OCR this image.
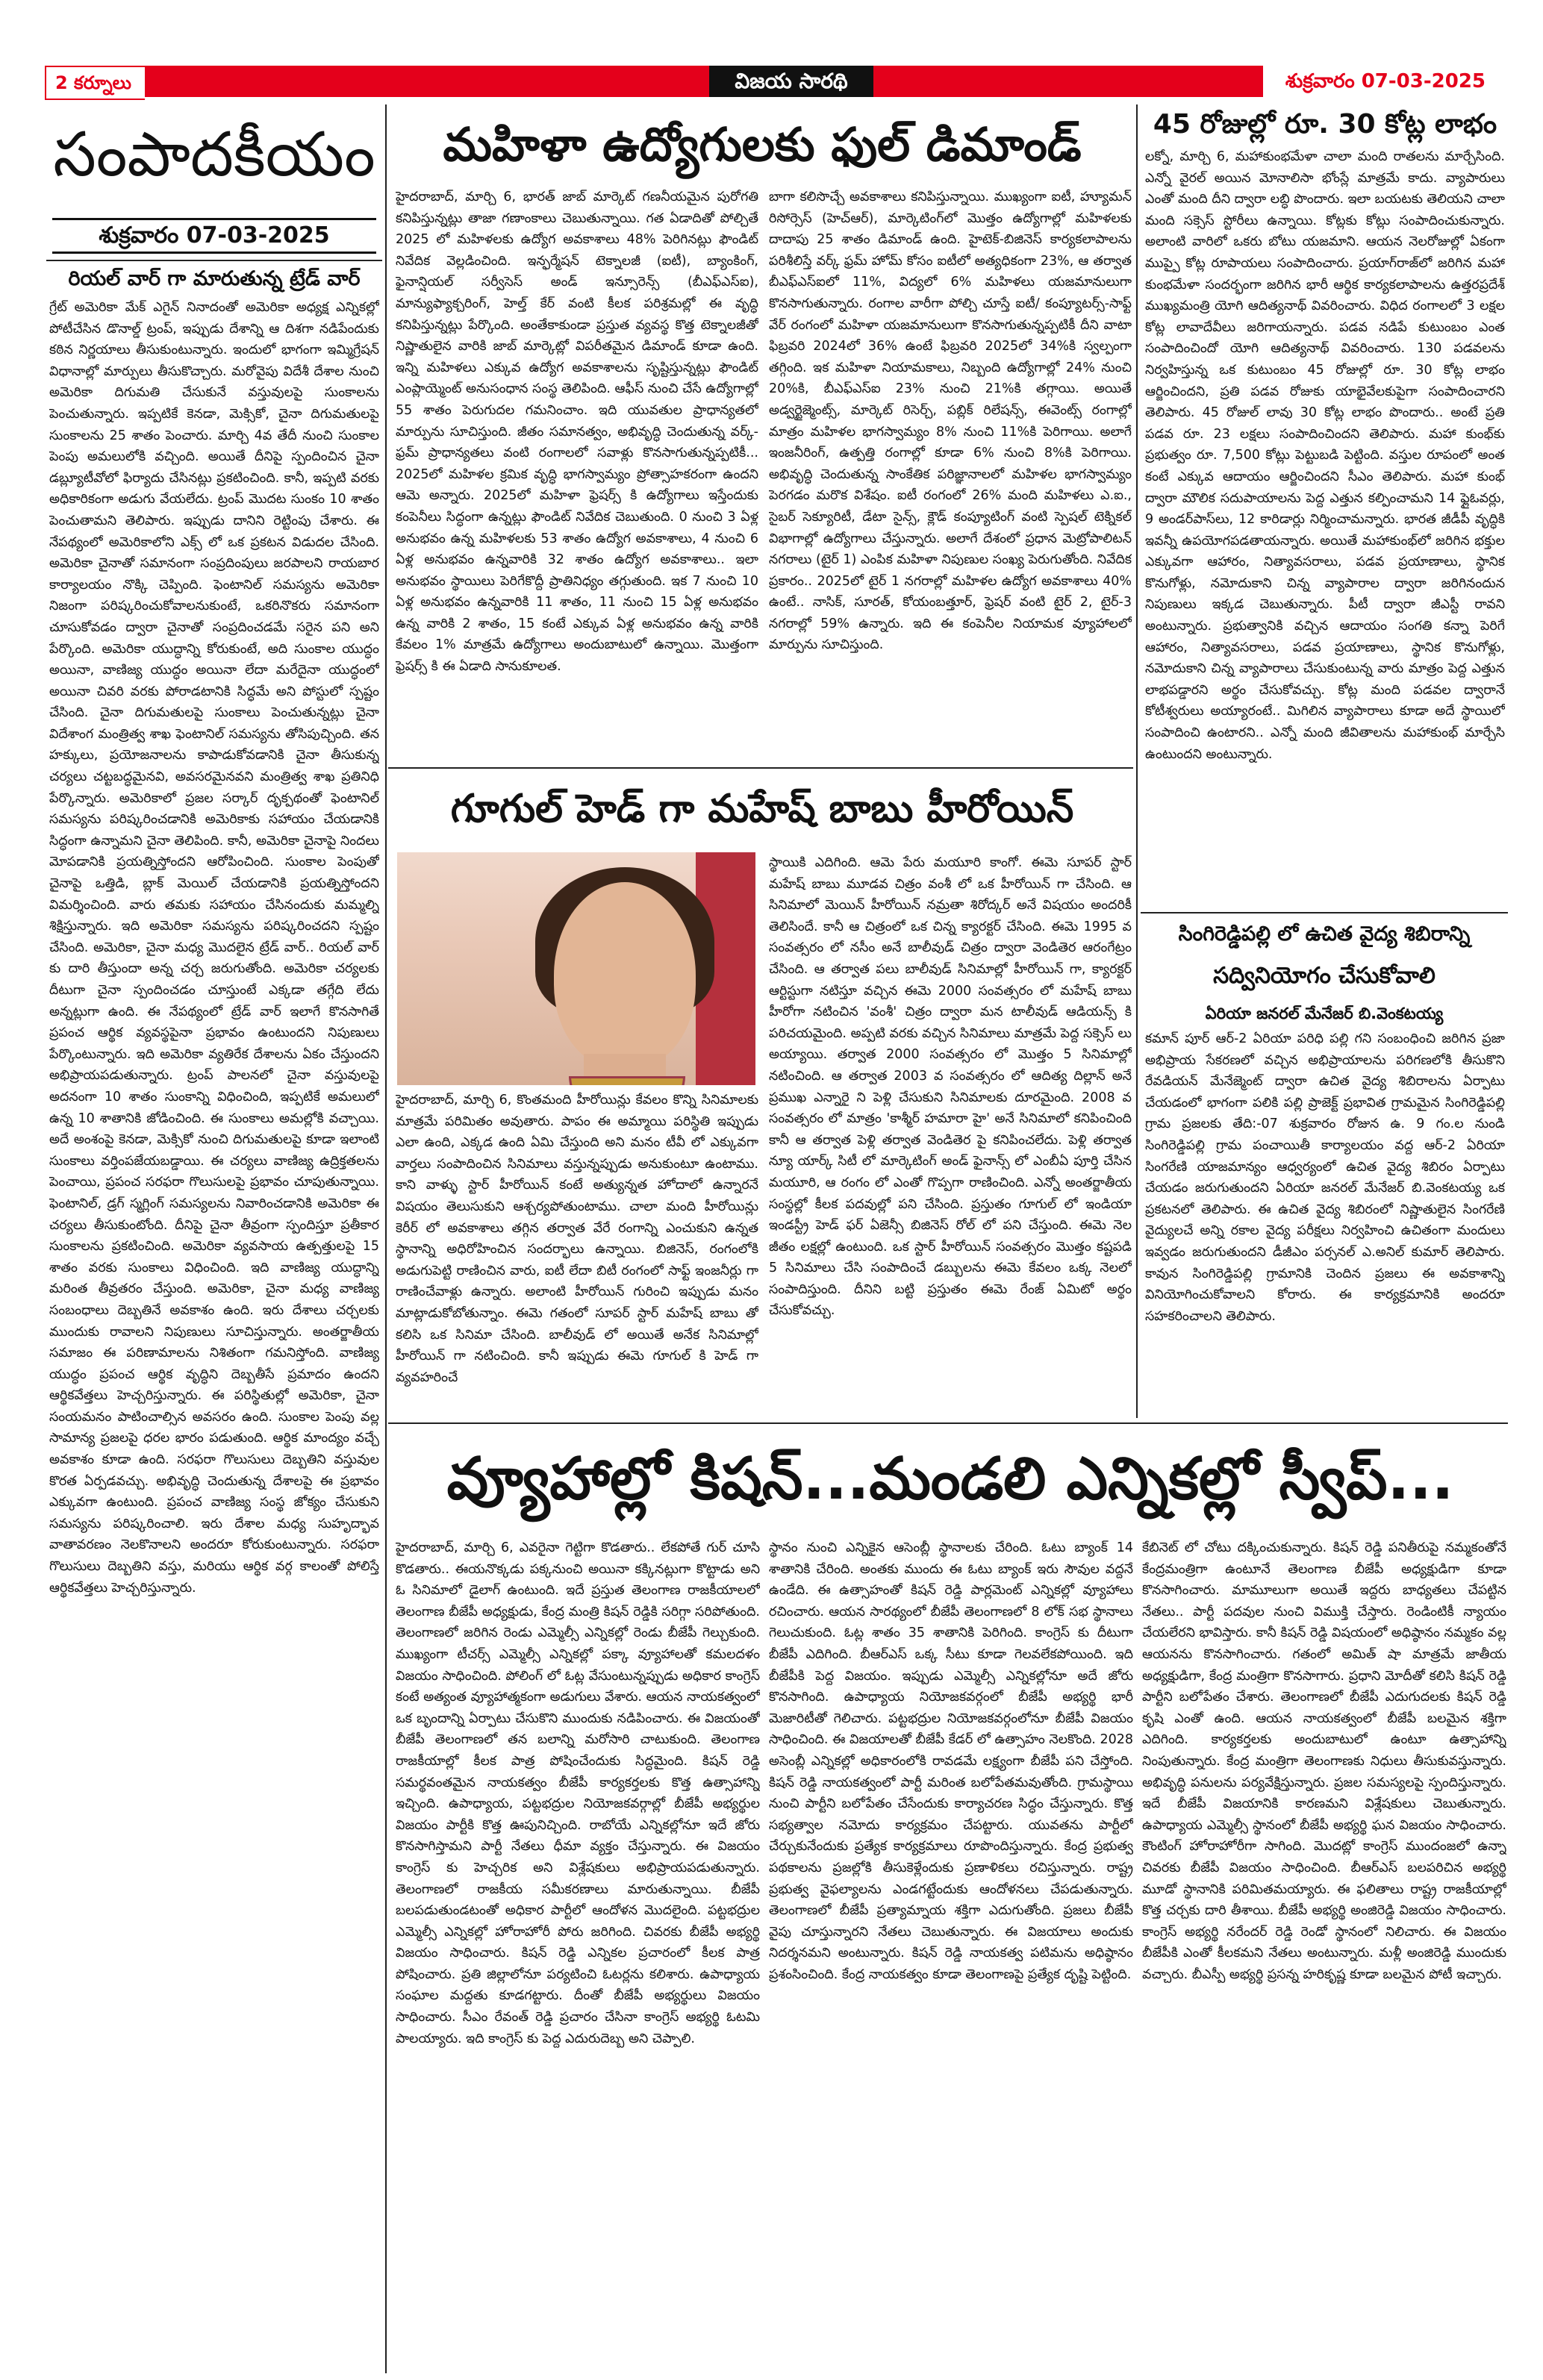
2 కర్నూలు	విజయ సారథి	శుక్రవారం 07-03-2025
సంపాదకీయం
శుక్రవారం 07-03-2025
రియల్ వార్ గా మారుతున్న ట్రేడ్ వార్
గ్రేట్ అమెరికా మేక్ ఎగైన్ నినాదంతో అమెరికా అధ్యక్ష ఎన్నికల్లో పోటీచేసిన డొనాల్డ్ ట్రంప్, ఇప్పుడు దేశాన్ని ఆ దిశగా నడిపేందుకు కఠిన నిర్ణయాలు తీసుకుంటున్నారు. ఇందులో భాగంగా ఇమ్మిగ్రేషన్ విధానాల్లో మార్పులు తీసుకొచ్చారు. మరోవైపు విదేశీ దేశాల నుంచి అమెరికా దిగుమతి చేసుకునే వస్తువులపై సుంకాలను పెంచుతున్నారు. ఇప్పటికే కెనడా, మెక్సికో, చైనా దిగుమతులపై సుంకాలను 25 శాతం పెంచారు. మార్చి 4వ తేదీ నుంచి సుంకాల పెంపు అమలులోకి వచ్చింది. అయితే దీనిపై స్పందించిన చైనా డబ్ల్యూటీవోలో ఫిర్యాదు చేసినట్లు ప్రకటించింది. కానీ, ఇప్పటి వరకు అధికారికంగా అడుగు వేయలేదు. ట్రంప్ మొదట సుంకం 10 శాతం పెంచుతామని తెలిపారు. ఇప్పుడు దానిని రెట్టింపు చేశారు. ఈ నేపథ్యంలో అమెరికాలోని ఎక్స్ లో ఒక ప్రకటన విడుదల చేసింది. అమెరికా చైనాతో సమానంగా సంప్రదింపులు జరపాలని రాయబార కార్యాలయం నొక్కి చెప్పింది. ఫెంటానిల్ సమస్యను అమెరికా నిజంగా పరిష్కరించుకోవాలనుకుంటే, ఒకరినొకరు సమానంగా చూసుకోవడం ద్వారా చైనాతో సంప్రదించడమే సరైన పని అని పేర్కొంది. అమెరికా యుద్ధాన్ని కోరుకుంటే, అది సుంకాల యుద్ధం అయినా, వాణిజ్య యుద్ధం అయినా లేదా మరేదైనా యుద్ధంలో అయినా చివరి వరకు పోరాడటానికి సిద్ధమే అని పోస్టులో స్పష్టం చేసింది. చైనా దిగుమతులపై సుంకాలు పెంచుతున్నట్లు చైనా విదేశాంగ మంత్రిత్వ శాఖ ఫెంటానిల్ సమస్యను తోసిపుచ్చింది. తన హక్కులు, ప్రయోజనాలను కాపాడుకోవడానికి చైనా తీసుకున్న చర్యలు చట్టబద్ధమైనవి, అవసరమైనవని మంత్రిత్వ శాఖ ప్రతినిధి పేర్కొన్నారు. అమెరికాలో ప్రజల సర్కార్ దృక్పథంతో ఫెంటానిల్ సమస్యను పరిష్కరించడానికి అమెరికాకు సహాయం చేయడానికి సిద్ధంగా ఉన్నామని చైనా తెలిపింది. కానీ, అమెరికా చైనాపై నిందలు మోపడానికి ప్రయత్నిస్తోందని ఆరోపించింది. సుంకాల పెంపుతో చైనాపై ఒత్తిడి, బ్లాక్ మెయిల్ చేయడానికి ప్రయత్నిస్తోందని విమర్శించింది. వారు తమకు సహాయం చేసినందుకు మమ్మల్ని శిక్షిస్తున్నారు. ఇది అమెరికా సమస్యను పరిష్కరించదని స్పష్టం చేసింది. అమెరికా, చైనా మధ్య మొదలైన ట్రేడ్ వార్.. రియల్ వార్ కు దారి తీస్తుందా అన్న చర్చ జరుగుతోంది. అమెరికా చర్యలకు దీటుగా చైనా స్పందించడం చూస్తుంటే ఎక్కడా తగ్గేది లేదు అన్నట్లుగా ఉంది. ఈ నేపథ్యంలో ట్రేడ్ వార్ ఇలాగే కొనసాగితే ప్రపంచ ఆర్థిక వ్యవస్థపైనా ప్రభావం ఉంటుందని నిపుణులు పేర్కొంటున్నారు. ఇది అమెరికా వ్యతిరేక దేశాలను ఏకం చేస్తుందని అభిప్రాయపడుతున్నారు. ట్రంప్ పాలనలో చైనా వస్తువులపై అదనంగా 10 శాతం సుంకాన్ని విధించింది, ఇప్పటికే అమలులో ఉన్న 10 శాతానికి జోడించింది. ఈ సుంకాలు అమల్లోకి వచ్చాయి. అదే అంశంపై కెనడా, మెక్సికో నుంచి దిగుమతులపై కూడా ఇలాంటి సుంకాలు వర్తింపజేయబడ్డాయి. ఈ చర్యలు వాణిజ్య ఉద్రిక్తతలను పెంచాయి, ప్రపంచ సరఫరా గొలుసులపై ప్రభావం చూపుతున్నాయి. ఫెంటానిల్, డ్రగ్ స్మగ్లింగ్ సమస్యలను నివారించడానికి అమెరికా ఈ చర్యలు తీసుకుంటోంది. దీనిపై చైనా తీవ్రంగా స్పందిస్తూ ప్రతీకార సుంకాలను ప్రకటించింది. అమెరికా వ్యవసాయ ఉత్పత్తులపై 15 శాతం వరకు సుంకాలు విధించింది. ఇది వాణిజ్య యుద్ధాన్ని మరింత తీవ్రతరం చేస్తుంది. అమెరికా, చైనా మధ్య వాణిజ్య సంబంధాలు దెబ్బతినే అవకాశం ఉంది. ఇరు దేశాలు చర్చలకు ముందుకు రావాలని నిపుణులు సూచిస్తున్నారు. అంతర్జాతీయ సమాజం ఈ పరిణామాలను నిశితంగా గమనిస్తోంది. వాణిజ్య యుద్ధం ప్రపంచ ఆర్థిక వృద్ధిని దెబ్బతీసే ప్రమాదం ఉందని ఆర్థికవేత్తలు హెచ్చరిస్తున్నారు. ఈ పరిస్థితుల్లో అమెరికా, చైనా సంయమనం పాటించాల్సిన అవసరం ఉంది. సుంకాల పెంపు వల్ల సామాన్య ప్రజలపై ధరల భారం పడుతుంది. ఆర్థిక మాంద్యం వచ్చే అవకాశం కూడా ఉంది. సరఫరా గొలుసులు దెబ్బతిని వస్తువుల కొరత ఏర్పడవచ్చు. అభివృద్ధి చెందుతున్న దేశాలపై ఈ ప్రభావం ఎక్కువగా ఉంటుంది. ప్రపంచ వాణిజ్య సంస్థ జోక్యం చేసుకుని సమస్యను పరిష్కరించాలి. ఇరు దేశాల మధ్య సుహృద్భావ వాతావరణం నెలకొనాలని అందరూ కోరుకుంటున్నారు. సరఫరా గొలుసులు దెబ్బతిని వస్తు, మరియు ఆర్థిక వర్గ కాలంతో పోలిస్తే ఆర్థికవేత్తలు హెచ్చరిస్తున్నారు.
మహిళా ఉద్యోగులకు ఫుల్ డిమాండ్
హైదరాబాద్, మార్చి 6, భారత్ జాబ్ మార్కెట్ గణనీయమైన పురోగతి కనిపిస్తున్నట్లు తాజా గణాంకాలు చెబుతున్నాయి. గత ఏడాదితో పోల్చితే 2025 లో మహిళలకు ఉద్యోగ అవకాశాలు 48% పెరిగినట్లు ఫౌండిట్ నివేదిక వెల్లడించింది. ఇన్ఫర్మేషన్ టెక్నాలజీ (ఐటీ), బ్యాంకింగ్, ఫైనాన్షియల్ సర్వీసెస్ అండ్ ఇన్సూరెన్స్ (బీఎఫ్ఎస్ఐ), మాన్యుఫ్యాక్చరింగ్, హెల్త్ కేర్ వంటి కీలక పరిశ్రమల్లో ఈ వృద్ధి కనిపిస్తున్నట్లు పేర్కొంది. అంతేకాకుండా ప్రస్తుత వ్యవస్థ కొత్త టెక్నాలజీతో నిష్ణాతులైన వారికి జాబ్ మార్కెట్లో విపరీతమైన డిమాండ్ కూడా ఉంది. ఇన్ని మహిళలు ఎక్కువ ఉద్యోగ అవకాశాలను సృష్టిస్తున్నట్లు ఫౌండిట్ ఎంప్లాయ్మెంట్ అనుసంధాన సంస్థ తెలిపింది. ఆఫీస్ నుంచి చేసే ఉద్యోగాల్లో 55 శాతం పెరుగుదల గమనించాం. ఇది యువతుల ప్రాధాన్యతలో మార్పును సూచిస్తుంది. జీతం సమానత్వం, అభివృద్ధి చెందుతున్న వర్క్‌-ఫ్రమ్ ప్రాధాన్యతలు వంటి రంగాలలో సవాళ్లు కొనసాగుతున్నప్పటికీ... 2025లో మహిళల క్రమిక వృద్ధి భాగస్వామ్యం ప్రోత్సాహకరంగా ఉందని ఆమె అన్నారు. 2025లో మహిళా ఫ్రెషర్స్ కి ఉద్యోగాలు ఇస్తేందుకు కంపెనీలు సిద్ధంగా ఉన్నట్లు ఫౌండిట్ నివేదిక చెబుతుంది. 0 నుంచి 3 ఏళ్ల అనుభవం ఉన్న మహిళలకు 53 శాతం ఉద్యోగ అవకాశాలు, 4 నుంచి 6 ఏళ్ల అనుభవం ఉన్నవారికి 32 శాతం ఉద్యోగ అవకాశాలు.. ఇలా అనుభవం స్థాయిలు పెరిగేకొద్దీ ప్రాతినిధ్యం తగ్గుతుంది. ఇక 7 నుంచి 10 ఏళ్ల అనుభవం ఉన్నవారికి 11 శాతం, 11 నుంచి 15 ఏళ్ల అనుభవం ఉన్న వారికి 2 శాతం, 15 కంటే ఎక్కువ ఏళ్ల అనుభవం ఉన్న వారికి కేవలం 1% మాత్రమే ఉద్యోగాలు అందుబాటులో ఉన్నాయి. మొత్తంగా ఫ్రెషర్స్ కి ఈ ఏడాది సానుకూలత.
బాగా కలిసొచ్చే అవకాశాలు కనిపిస్తున్నాయి. ముఖ్యంగా ఐటీ, హ్యూమన్ రిసోర్సెస్ (హెచ్ఆర్), మార్కెటింగ్‌లో మొత్తం ఉద్యోగాల్లో మహిళలకు దాదాపు 25 శాతం డిమాండ్ ఉంది. హైటెక్-బిజినెస్ కార్యకలాపాలను పరిశీలిస్తే వర్క్ ఫ్రమ్ హోమ్ కోసం ఐటీలో అత్యధికంగా 23%, ఆ తర్వాత బీఎఫ్ఎస్ఐలో 11%, విద్యలో 6% మహిళలు యజమానులుగా కొనసాగుతున్నారు. రంగాల వారీగా పోల్చి చూస్తే ఐటీ/ కంప్యూటర్స్-సాఫ్ట్ వేర్ రంగంలో మహిళా యజమానులుగా కొనసాగుతున్నప్పటికీ దీని వాటా ఫిబ్రవరి 2024లో 36% ఉంటే ఫిబ్రవరి 2025లో 34%కి స్వల్పంగా తగ్గింది. ఇక మహిళా నియామకాలు, నిబ్బంది ఉద్యోగాల్లో 24% నుంచి 20%కి, బీఎఫ్ఎస్ఐ 23% నుంచి 21%కి తగ్గాయి. అయితే అడ్వర్టైజ్మెంట్స్, మార్కెట్ రిసెర్చ్, పబ్లిక్ రిలేషన్స్, ఈవెంట్స్ రంగాల్లో మాత్రం మహిళల భాగస్వామ్యం 8% నుంచి 11%కి పెరిగాయి. అలాగే ఇంజనీరింగ్, ఉత్పత్తి రంగాల్లో కూడా 6% నుంచి 8%కి పెరిగాయి. అభివృద్ధి చెందుతున్న సాంకేతిక పరిజ్ఞానాలలో మహిళల భాగస్వామ్యం పెరగడం మరొక విశేషం. ఐటీ రంగంలో 26% మంది మహిళలు ఎ.ఐ., సైబర్ సెక్యూరిటీ, డేటా సైన్స్, క్లౌడ్ కంప్యూటింగ్ వంటి స్పెషల్ టెక్నికల్ విభాగాల్లో ఉద్యోగాలు చేస్తున్నారు. అలాగే దేశంలో ప్రధాన మెట్రోపాలిటన్ నగరాలు (టైర్ 1) ఎంపిక మహిళా నిపుణుల సంఖ్య పెరుగుతోంది. నివేదిక ప్రకారం.. 2025లో టైర్ 1 నగరాల్లో మహిళల ఉద్యోగ అవకాశాలు 40% ఉంటే.. నాసిక్, సూరత్, కోయంబత్తూర్, ఫ్రెషర్ వంటి టైర్ 2, టైర్-3 నగరాల్లో 59% ఉన్నారు. ఇది ఈ కంపెనీల నియామక వ్యూహాలలో మార్పును సూచిస్తుంది.
45 రోజుల్లో రూ. 30 కోట్ల లాభం
లక్నో, మార్చి 6, మహాకుంభమేళా చాలా మంది రాతలను మార్చేసింది. ఎన్నో వైరల్ అయిన మోనాలిసా భోంస్లే మాత్రమే కాదు. వ్యాపారులు ఎంతో మంది దీని ద్వారా లబ్ధి పొందారు. ఇలా బయటకు తెలియని చాలా మంది సక్సెస్ స్టోరీలు ఉన్నాయి. కోట్లకు కోట్లు సంపాదించుకున్నారు. అలాంటి వారిలో ఒకరు బోటు యజమాని. ఆయన నెలరోజుల్లో ఏకంగా ముప్పై కోట్ల రూపాయలు సంపాదించారు. ప్రయాగ్‌రాజ్‌లో జరిగిన మహా కుంభమేళా సందర్భంగా జరిగిన భారీ ఆర్థిక కార్యకలాపాలను ఉత్తరప్రదేశ్ ముఖ్యమంత్రి యోగి ఆదిత్యనాథ్ వివరించారు. విధిద రంగాలలో 3 లక్షల కోట్ల లావాదేవీలు జరిగాయన్నారు. పడవ నడిపే కుటుంబం ఎంత సంపాదించిందో యోగి ఆదిత్యనాథ్ వివరించారు. 130 పడవలను నిర్వహిస్తున్న ఒక కుటుంబం 45 రోజుల్లో రూ. 30 కోట్ల లాభం ఆర్జించిందని, ప్రతి పడవ రోజుకు యాభైవేలకుపైగా సంపాదించారని తెలిపారు. 45 రోజుల్ లావు 30 కోట్ల లాభం పొందారు.. అంటే ప్రతి పడవ రూ. 23 లక్షలు సంపాదించిందని తెలిపారు. మహా కుంభ్‌కు ప్రభుత్వం రూ. 7,500 కోట్లు పెట్టుబడి పెట్టింది. వస్తుల రూపంలో అంత కంటే ఎక్కువ ఆదాయం ఆర్జించిందని సీఎం తెలిపారు. మహా కుంభ్ ద్వారా మౌలిక సదుపాయాలను పెద్ద ఎత్తున కల్పించామని 14 ఫ్లైఓవర్లు, 9 అండర్‌పాస్‌లు, 12 కారిడార్లు నిర్మించామన్నారు. భారత జీడీపీ వృద్ధికి ఇవన్నీ ఉపయోగపడతాయన్నారు. అయితే మహాకుంభ్‌లో జరిగిన భక్తుల ఎక్కువగా ఆహారం, నిత్యావసరాలు, పడవ ప్రయాణాలు, స్థానిక కొనుగోళ్లు, నమోదుకాని చిన్న వ్యాపారాల ద్వారా జరిగినందున నిపుణులు ఇక్కడ చెబుతున్నారు. పీటీ ద్వారా జీఎస్టీ రావని అంటున్నారు. ప్రభుత్వానికి వచ్చిన ఆదాయం సంగతి కన్నా పెరిగే ఆహారం, నిత్యావసరాలు, పడవ ప్రయాణాలు, స్థానిక కొనుగోళ్లు, నమోదుకాని చిన్న వ్యాపారాలు చేసుకుంటున్న వారు మాత్రం పెద్ద ఎత్తున లాభపడ్డారని అర్థం చేసుకోవచ్చు. కోట్ల మంది పడవల ద్వారానే కోటీశ్వరులు అయ్యారంటే.. మిగిలిన వ్యాపారాలు కూడా అదే స్థాయిలో సంపాదించి ఉంటారని.. ఎన్నో మంది జీవితాలను మహాకుంభ్ మార్చేసి ఉంటుందని అంటున్నారు.
సింగిరెడ్డిపల్లి లో ఉచిత వైద్య శిబిరాన్ని
సద్వినియోగం చేసుకోవాలి
ఏరియా జనరల్ మేనేజర్ బి.వెంకటయ్య
కమాన్ పూర్ ఆర్-2 ఏరియా పరిధి పల్లి గని సంబంధించి జరిగిన ప్రజా అభిప్రాయ సేకరణలో వచ్చిన అభిప్రాయాలను పరిగణలోకి తీసుకొని రేవడియన్ మేనేజ్మెంట్ ద్వారా ఉచిత వైద్య శిబిరాలను ఏర్పాటు చేయడంలో భాగంగా పలికి పల్లి ప్రాజెక్ట్ ప్రభావిత గ్రామమైన సింగిరెడ్డిపల్లి గ్రామ ప్రజలకు తేది:-07 శుక్రవారం రోజున ఉ. 9 గం.ల నుండి సింగిరెడ్డిపల్లి గ్రామ పంచాయితీ కార్యాలయం వద్ద ఆర్-2 ఏరియా సింగరేణి యాజమాన్యం ఆధ్వర్యంలో ఉచిత వైద్య శిబిరం ఏర్పాటు చేయడం జరుగుతుందని ఏరియా జనరల్ మేనేజర్ బి.వెంకటయ్య ఒక ప్రకటనలో తెలిపారు. ఈ ఉచిత వైద్య శిబిరంలో నిష్ణాతులైన సింగరేణి వైద్యులచే అన్ని రకాల వైద్య పరీక్షలు నిర్వహించి ఉచితంగా మందులు ఇవ్వడం జరుగుతుందని డీజీఎం పర్సనల్ ఎ.అనిల్ కుమార్ తెలిపారు. కావున సింగిరెడ్డిపల్లి గ్రామానికి చెందిన ప్రజలు ఈ అవకాశాన్ని వినియోగించుకోవాలని కోరారు. ఈ కార్యక్రమానికి అందరూ సహకరించాలని తెలిపారు.
గూగుల్ హెడ్ గా మహేష్ బాబు హీరోయిన్
హైదరాబాద్, మార్చి 6, కొంతమంది హీరోయిన్లు కేవలం కొన్ని సినిమాలకు మాత్రమే పరిమితం అవుతారు. పాపం ఈ అమ్మాయి పరిస్థితి ఇప్పుడు ఎలా ఉంది, ఎక్కడ ఉంది ఏమి చేస్తుంది అని మనం టీవీ లో ఎక్కువగా వార్తలు సంపాదించిన సినిమాలు వస్తున్నప్పుడు అనుకుంటూ ఉంటాము. కాని వాళ్ళు స్టార్ హీరోయిన్ కంటే అత్యున్నత హోదాలో ఉన్నారనే విషయం తెలుసుకుని ఆశ్చర్యపోతుంటాము. చాలా మంది హీరోయిన్లు కెరీర్ లో అవకాశాలు తగ్గిన తర్వాత వేరే రంగాన్ని ఎంచుకుని ఉన్నత స్థానాన్ని అధిరోహించిన సందర్భాలు ఉన్నాయి. బిజినెస్, రంగంలోకి అడుగుపెట్టి రాణించిన వారు, ఐటీ లేదా బిటీ రంగంలో సాఫ్ట్ ఇంజనీర్లు గా రాణించేవాళ్లు ఉన్నారు. అలాంటి హీరోయిన్ గురించి ఇప్పుడు మనం మాట్లాడుకోబోతున్నాం. ఈమె గతంలో సూపర్ స్టార్ మహేష్ బాబు తో కలిసి ఒక సినిమా చేసింది. బాలీవుడ్ లో అయితే అనేక సినిమాల్లో హీరోయిన్ గా నటించింది. కానీ ఇప్పుడు ఈమె గూగుల్ కి హెడ్ గా వ్యవహరించే
స్థాయికి ఎదిగింది. ఆమె పేరు మయూరి కాంగో. ఈమె సూపర్ స్టార్ మహేష్ బాబు మూడవ చిత్రం వంశీ లో ఒక హీరోయిన్ గా చేసింది. ఆ సినిమాలో మెయిన్ హీరోయిన్ నమ్రతా శిరోద్కర్ అనే విషయం అందరికీ తెలిసిందే. కానీ ఆ చిత్రంలో ఒక చిన్న క్యారక్టర్ చేసింది. ఈమె 1995 వ సంవత్సరం లో నసీం అనే బాలీవుడ్ చిత్రం ద్వారా వెండితెర ఆరంగేట్రం చేసింది. ఆ తర్వాత పలు బాలీవుడ్ సినిమాల్లో హీరోయిన్ గా, క్యారక్టర్ ఆర్టిస్టుగా నటిస్తూ వచ్చిన ఈమె 2000 సంవత్సరం లో మహేష్ బాబు హీరోగా నటించిన 'వంశీ' చిత్రం ద్వారా మన టాలీవుడ్ ఆడియన్స్ కి పరిచయమైంది. అప్పటి వరకు వచ్చిన సినిమాలు మాత్రమే పెద్ద సక్సెస్ లు అయ్యాయి. తర్వాత 2000 సంవత్సరం లో మొత్తం 5 సినిమాల్లో నటించింది. ఆ తర్వాత 2003 వ సంవత్సరం లో ఆదిత్య దిల్లాన్ అనే ప్రముఖ ఎన్నారై ని పెళ్లి చేసుకుని సినిమాలకు దూరమైంది. 2008 వ సంవత్సరం లో మాత్రం 'కాశ్మీర్ హమారా హై' అనే సినిమాలో కనిపించింది కానీ ఆ తర్వాత పెళ్లి తర్వాత వెండితెర పై కనిపించలేదు. పెళ్లి తర్వాత న్యూ యార్క్ సిటీ లో మార్కెటింగ్ అండ్ ఫైనాన్స్ లో ఎంబీఏ పూర్తి చేసిన మయూరి, ఆ రంగం లో ఎంతో గొప్పగా రాణించింది. ఎన్నో అంతర్జాతీయ సంస్థల్లో కీలక పదవుల్లో పని చేసింది. ప్రస్తుతం గూగుల్ లో ఇండియా ఇండస్ట్రీ హెడ్ ఫర్ ఏజెన్సీ బిజినెస్ రోల్ లో పని చేస్తుంది. ఈమె నెల జీతం లక్షల్లో ఉంటుంది. ఒక స్టార్ హీరోయిన్ సంవత్సరం మొత్తం కష్టపడి 5 సినిమాలు చేసి సంపాదించే డబ్బులను ఈమె కేవలం ఒక్క నెలలో సంపాదిస్తుంది. దీనిని బట్టి ప్రస్తుతం ఈమె రేంజ్ ఏమిటో అర్థం చేసుకోవచ్చు.
వ్యూహాల్లో కిషన్...మండలి ఎన్నికల్లో స్వీప్...
హైదరాబాద్, మార్చి 6, ఎవరైనా గెట్టిగా కొడతారు.. లేకపోతే గుర్ చూసి కొడతారు.. ఈయనొక్కడు పక్కనుంచి అయినా కక్కినట్లుగా కొట్టాడు అని ఓ సినిమాలో డైలాగ్ ఉంటుంది. ఇదే ప్రస్తుత తెలంగాణ రాజకీయాలలో తెలంగాణ బీజేపీ అధ్యక్షుడు, కేంద్ర మంత్రి కిషన్ రెడ్డికి సరిగ్గా సరిపోతుంది. తెలంగాణలో జరిగిన రెండు ఎమ్మెల్సీ ఎన్నికల్లో రెండు బీజేపీ గెల్చుకుంది. ముఖ్యంగా టీచర్స్ ఎమ్మెల్సీ ఎన్నికల్లో పక్కా వ్యూహాలతో కమలదళం విజయం సాధించింది. పోలింగ్ లో ఓట్ల వేసుంటున్నప్పుడు అధికార కాంగ్రెస్ కంటే అత్యంత వ్యూహాత్మకంగా అడుగులు వేశారు. ఆయన నాయకత్వంలో ఒక బృందాన్ని ఏర్పాటు చేసుకొని ముందుకు నడిపించారు. ఈ విజయంతో బీజేపీ తెలంగాణలో తన బలాన్ని మరోసారి చాటుకుంది. తెలంగాణ రాజకీయాల్లో కీలక పాత్ర పోషించేందుకు సిద్ధమైంది. కిషన్ రెడ్డి సమర్థవంతమైన నాయకత్వం బీజేపీ కార్యకర్తలకు కొత్త ఉత్సాహాన్ని ఇచ్చింది. ఉపాధ్యాయ, పట్టభద్రుల నియోజకవర్గాల్లో బీజేపీ అభ్యర్థుల విజయం పార్టీకి కొత్త ఊపునిచ్చింది. రాబోయే ఎన్నికల్లోనూ ఇదే జోరు కొనసాగిస్తామని పార్టీ నేతలు ధీమా వ్యక్తం చేస్తున్నారు. ఈ విజయం కాంగ్రెస్ కు హెచ్చరిక అని విశ్లేషకులు అభిప్రాయపడుతున్నారు. తెలంగాణలో రాజకీయ సమీకరణాలు మారుతున్నాయి. బీజేపీ బలపడుతుండటంతో అధికార పార్టీలో ఆందోళన మొదలైంది. పట్టభద్రుల ఎమ్మెల్సీ ఎన్నికల్లో హోరాహోరీ పోరు జరిగింది. చివరకు బీజేపీ అభ్యర్థి విజయం సాధించారు. కిషన్ రెడ్డి ఎన్నికల ప్రచారంలో కీలక పాత్ర పోషించారు. ప్రతి జిల్లాలోనూ పర్యటించి ఓటర్లను కలిశారు. ఉపాధ్యాయ సంఘాల మద్దతు కూడగట్టారు. దీంతో బీజేపీ అభ్యర్థులు విజయం సాధించారు. సీఎం రేవంత్ రెడ్డి ప్రచారం చేసినా కాంగ్రెస్ అభ్యర్థి ఓటమి పాలయ్యారు. ఇది కాంగ్రెస్ కు పెద్ద ఎదురుదెబ్బ అని చెప్పాలి.
స్థానం నుంచి ఎన్నికైన ఆసెంబ్లీ స్థానాలకు చేరింది. ఓటు బ్యాంక్ 14 శాతానికి చేరింది. అంతకు ముందు ఈ ఓటు బ్యాంక్ ఇరు సౌవుల వద్దనే ఉండేది. ఈ ఉత్సాహంతో కిషన్ రెడ్డి పార్లమెంట్ ఎన్నికల్లో వ్యూహాలు రచించారు. ఆయన సారథ్యంలో బీజేపీ తెలంగాణలో 8 లోక్ సభ స్థానాలు గెలుచుకుంది. ఓట్ల శాతం 35 శాతానికి పెరిగింది. కాంగ్రెస్ కు దీటుగా బీజేపీ ఎదిగింది. బీఆర్ఎస్ ఒక్క సీటు కూడా గెలవలేకపోయింది. ఇది బీజేపీకి పెద్ద విజయం. ఇప్పుడు ఎమ్మెల్సీ ఎన్నికల్లోనూ అదే జోరు కొనసాగింది. ఉపాధ్యాయ నియోజకవర్గంలో బీజేపీ అభ్యర్థి భారీ మెజారిటీతో గెలిచారు. పట్టభద్రుల నియోజకవర్గంలోనూ బీజేపీ విజయం సాధించింది. ఈ విజయాలతో బీజేపీ కేడర్ లో ఉత్సాహం నెలకొంది. 2028 అసెంబ్లీ ఎన్నికల్లో అధికారంలోకి రావడమే లక్ష్యంగా బీజేపీ పని చేస్తోంది. కిషన్ రెడ్డి నాయకత్వంలో పార్టీ మరింత బలోపేతమవుతోంది. గ్రామస్థాయి నుంచి పార్టీని బలోపేతం చేసేందుకు కార్యాచరణ సిద్ధం చేస్తున్నారు. కొత్త సభ్యత్వాల నమోదు కార్యక్రమం చేపట్టారు. యువతను పార్టీలో చేర్చుకునేందుకు ప్రత్యేక కార్యక్రమాలు రూపొందిస్తున్నారు. కేంద్ర ప్రభుత్వ పథకాలను ప్రజల్లోకి తీసుకెళ్లేందుకు ప్రణాళికలు రచిస్తున్నారు. రాష్ట్ర ప్రభుత్వ వైఫల్యాలను ఎండగట్టేందుకు ఆందోళనలు చేపడుతున్నారు. తెలంగాణలో బీజేపీ ప్రత్యామ్నాయ శక్తిగా ఎదుగుతోంది. ప్రజలు బీజేపీ వైపు చూస్తున్నారని నేతలు చెబుతున్నారు. ఈ విజయాలు అందుకు నిదర్శనమని అంటున్నారు. కిషన్ రెడ్డి నాయకత్వ పటిమను అధిష్ఠానం ప్రశంసించింది. కేంద్ర నాయకత్వం కూడా తెలంగాణపై ప్రత్యేక దృష్టి పెట్టింది.
కేబినెట్ లో చోటు దక్కించుకున్నారు. కిషన్ రెడ్డి పనితీరుపై నమ్మకంతోనే కేంద్రమంత్రిగా ఉంటూనే తెలంగాణ బీజేపీ అధ్యక్షుడిగా కూడా కొనసాగించారు. మామూలుగా అయితే ఇద్దరు బాధ్యతలు చేపట్టిన నేతలు.. పార్టీ పదవుల నుంచి విముక్తి చేస్తారు. రెండింటికీ న్యాయం చేయలేరని భావిస్తారు. కానీ కిషన్ రెడ్డి విషయంలో అధిష్ఠానం నమ్మకం వల్ల ఆయనను కొనసాగించారు. గతంలో అమిత్ షా మాత్రమే జాతీయ అధ్యక్షుడిగా, కేంద్ర మంత్రిగా కొనసాగారు. ప్రధాని మోదీతో కలిసి కిషన్ రెడ్డి పార్టీని బలోపేతం చేశారు. తెలంగాణలో బీజేపీ ఎదుగుదలకు కిషన్ రెడ్డి కృషి ఎంతో ఉంది. ఆయన నాయకత్వంలో బీజేపీ బలమైన శక్తిగా ఎదిగింది. కార్యకర్తలకు అందుబాటులో ఉంటూ ఉత్సాహాన్ని నింపుతున్నారు. కేంద్ర మంత్రిగా తెలంగాణకు నిధులు తీసుకువస్తున్నారు. అభివృద్ధి పనులను పర్యవేక్షిస్తున్నారు. ప్రజల సమస్యలపై స్పందిస్తున్నారు. ఇదే బీజేపీ విజయానికి కారణమని విశ్లేషకులు చెబుతున్నారు. ఉపాధ్యాయ ఎమ్మెల్సీ స్థానంలో బీజేపీ అభ్యర్థి ఘన విజయం సాధించారు. కౌంటింగ్ హోరాహోరీగా సాగింది. మొదట్లో కాంగ్రెస్ ముందంజలో ఉన్నా చివరకు బీజేపీ విజయం సాధించింది. బీఆర్ఎస్ బలపరిచిన అభ్యర్థి మూడో స్థానానికి పరిమితమయ్యారు. ఈ ఫలితాలు రాష్ట్ర రాజకీయాల్లో కొత్త చర్చకు దారి తీశాయి. బీజేపీ అభ్యర్థి అంజిరెడ్డి విజయం సాధించారు. కాంగ్రెస్ అభ్యర్థి నరేందర్ రెడ్డి రెండో స్థానంలో నిలిచారు. ఈ విజయం బీజేపీకి ఎంతో కీలకమని నేతలు అంటున్నారు. మళ్లీ అంజిరెడ్డి ముందుకు వచ్చారు. బీఎస్పీ అభ్యర్థి ప్రసన్న హరికృష్ణ కూడా బలమైన పోటీ ఇచ్చారు.
